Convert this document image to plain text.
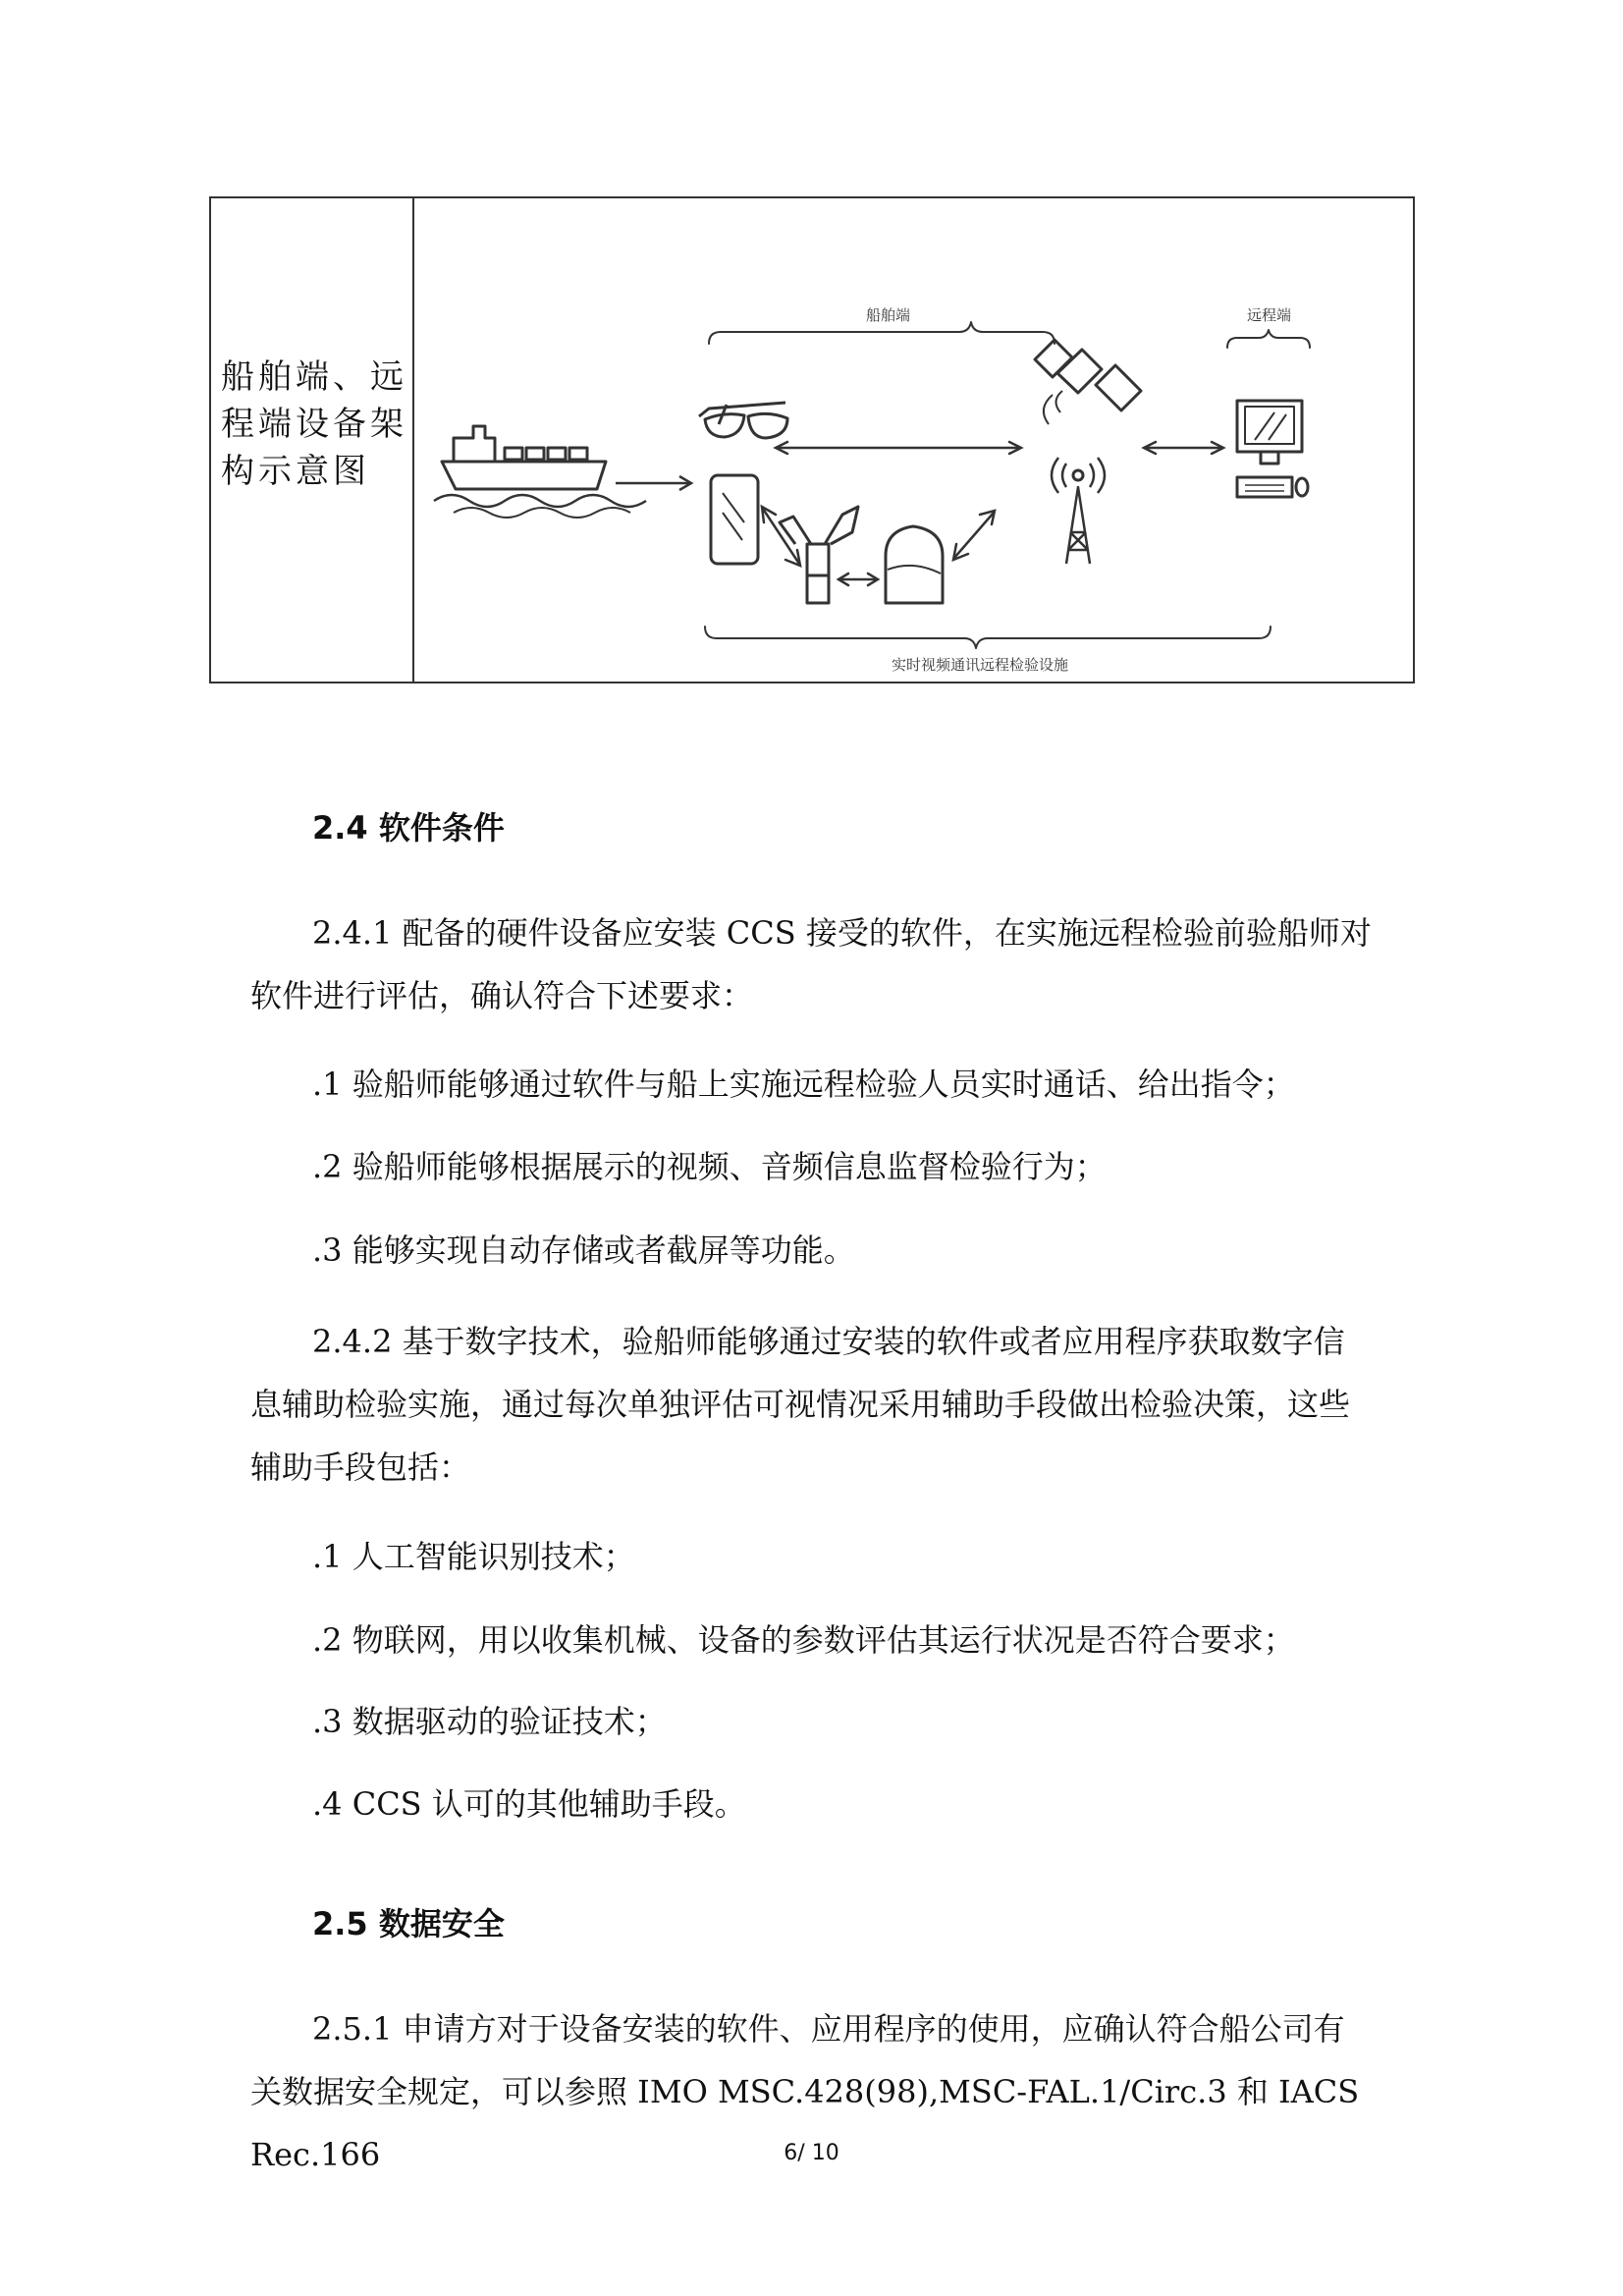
船舶端、远程端设备架构示意图
船舶端	远程端
实时视频通讯远程检验设施
2.4 软件条件
2.4.1 配备的硬件设备应安装 CCS 接受的软件，在实施远程检验前验船师对
软件进行评估，确认符合下述要求：
.1 验船师能够通过软件与船上实施远程检验人员实时通话、给出指令；
.2 验船师能够根据展示的视频、音频信息监督检验行为；
.3 能够实现自动存储或者截屏等功能。
2.4.2 基于数字技术，验船师能够通过安装的软件或者应用程序获取数字信
息辅助检验实施，通过每次单独评估可视情况采用辅助手段做出检验决策，这些
辅助手段包括：
.1 人工智能识别技术；
.2 物联网，用以收集机械、设备的参数评估其运行状况是否符合要求；
.3 数据驱动的验证技术；
.4 CCS 认可的其他辅助手段。
2.5 数据安全
2.5.1 申请方对于设备安装的软件、应用程序的使用，应确认符合船公司有
关数据安全规定，可以参照 IMO MSC.428(98),MSC-FAL.1/Circ.3 和 IACS Rec.166	6/ 10
